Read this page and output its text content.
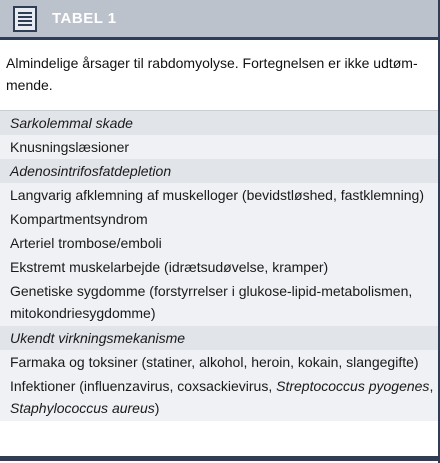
TABEL 1
Almindelige årsager til rabdomyolyse. Fortegnelsen er ikke udtøm-
mende.
Sarkolemmal skade
Knusningslæsioner
Adenosintrifosfatdepletion
Langvarig afklemning af muskelloger (bevidstløshed, fastklemning)
Kompartmentsyndrom
Arteriel trombose/emboli
Ekstremt muskelarbejde (idrætsudøvelse, kramper)
Genetiske sygdomme (forstyrrelser i glukose-lipid-metabolismen,
mitokondriesygdomme)
Ukendt virkningsmekanisme
Farmaka og toksiner (statiner, alkohol, heroin, kokain, slangegifte)
Infektioner (influenzavirus, coxsackievirus, Streptococcus pyogenes,
Staphylococcus aureus)
